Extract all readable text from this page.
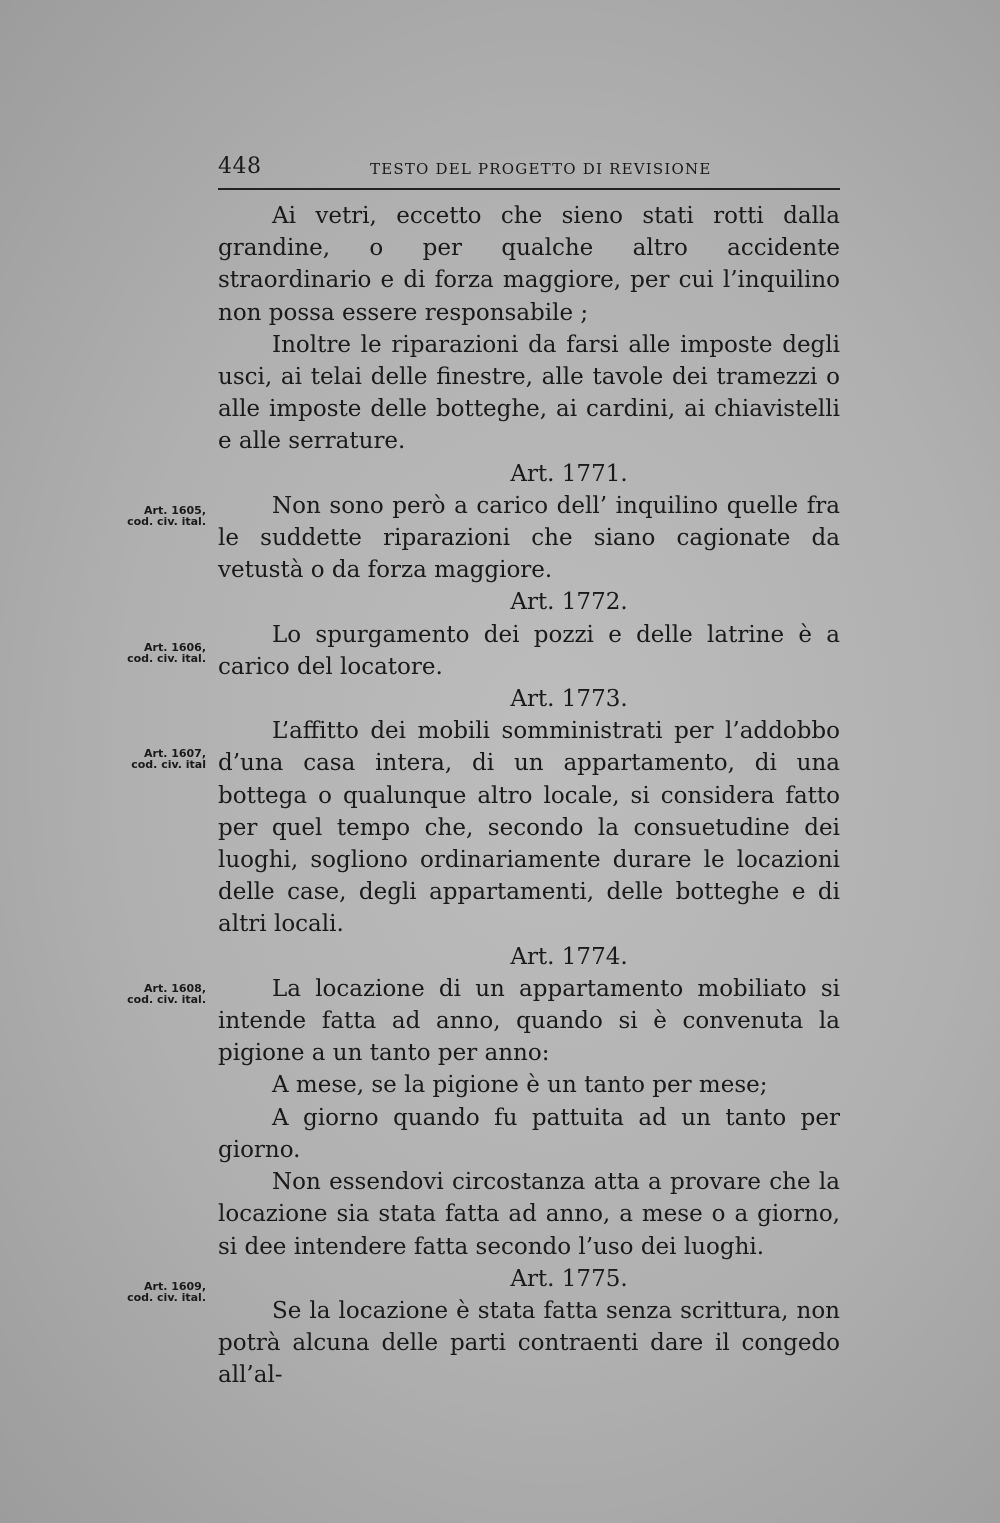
448	TESTO DEL PROGETTO DI REVISIONE
Art. 1605,
cod. civ. ital.
Art. 1606,
cod. civ. ital.
Art. 1607,
cod. civ. ital
Art. 1608,
cod. civ. ital.
Art. 1609,
cod. civ. ital.

Ai vetri, eccetto che sieno stati rotti dalla grandine, o per qualche altro accidente straordinario e di forza maggiore, per cui l’inquilino non possa essere responsabile ;

Inoltre le riparazioni da farsi alle imposte degli usci, ai telai delle finestre, alle tavole dei tramezzi o alle imposte delle botteghe, ai cardini, ai chiavistelli e alle serrature.

Art. 1771.

Non sono però a carico dell’ inquilino quelle fra le suddette riparazioni che siano cagionate da vetustà o da forza maggiore.

Art. 1772.

Lo spurgamento dei pozzi e delle latrine è a carico del locatore.

Art. 1773.

L’affitto dei mobili somministrati per l’addobbo d’una casa intera, di un appartamento, di una bottega o qualunque altro locale, si considera fatto per quel tempo che, secondo la consuetudine dei luoghi, sogliono ordinariamente durare le locazioni delle case, degli appartamenti, delle botteghe e di altri locali.

Art. 1774.

La locazione di un appartamento mobiliato si intende fatta ad anno, quando si è convenuta la pigione a un tanto per anno:

A mese, se la pigione è un tanto per mese;

A giorno quando fu pattuita ad un tanto per giorno.

Non essendovi circostanza atta a provare che la locazione sia stata fatta ad anno, a mese o a giorno, si dee intendere fatta secondo l’uso dei luoghi.

Art. 1775.

Se la locazione è stata fatta senza scrittura, non potrà alcuna delle parti contraenti dare il congedo all’al-
